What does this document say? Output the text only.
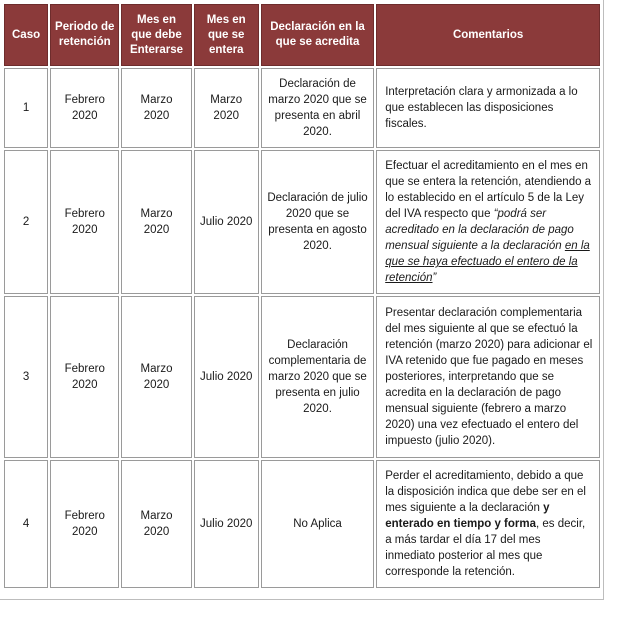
Caso	Periodo de retención	Mes en que debe Enterarse	Mes en que se entera	Declaración en la que se acredita	Comentarios
1	Febrero 2020	Marzo 2020	Marzo 2020	Declaración de marzo 2020 que se presenta en abril 2020.	Interpretación clara y armonizada a lo que establecen las disposiciones fiscales.
2	Febrero 2020	Marzo 2020	Julio 2020	Declaración de julio 2020 que se presenta en agosto 2020.	Efectuar el acreditamiento en el mes en que se entera la retención, atendiendo a lo establecido en el artículo 5 de la Ley del IVA respecto que “podrá ser acreditado en la declaración de pago mensual siguiente a la declaración en la que se haya efectuado el entero de la retención”
3	Febrero 2020	Marzo 2020	Julio 2020	Declaración complementaria de marzo 2020 que se presenta en julio 2020.	Presentar declaración complementaria del mes siguiente al que se efectuó la retención (marzo 2020) para adicionar el IVA retenido que fue pagado en meses posteriores, interpretando que se acredita en la declaración de pago mensual siguiente (febrero a marzo 2020) una vez efectuado el entero del impuesto (julio 2020).
4	Febrero 2020	Marzo 2020	Julio 2020	No Aplica	Perder el acreditamiento, debido a que la disposición indica que debe ser en el mes siguiente a la declaración y enterado en tiempo y forma, es decir, a más tardar el día 17 del mes inmediato posterior al mes que corresponde la retención.
